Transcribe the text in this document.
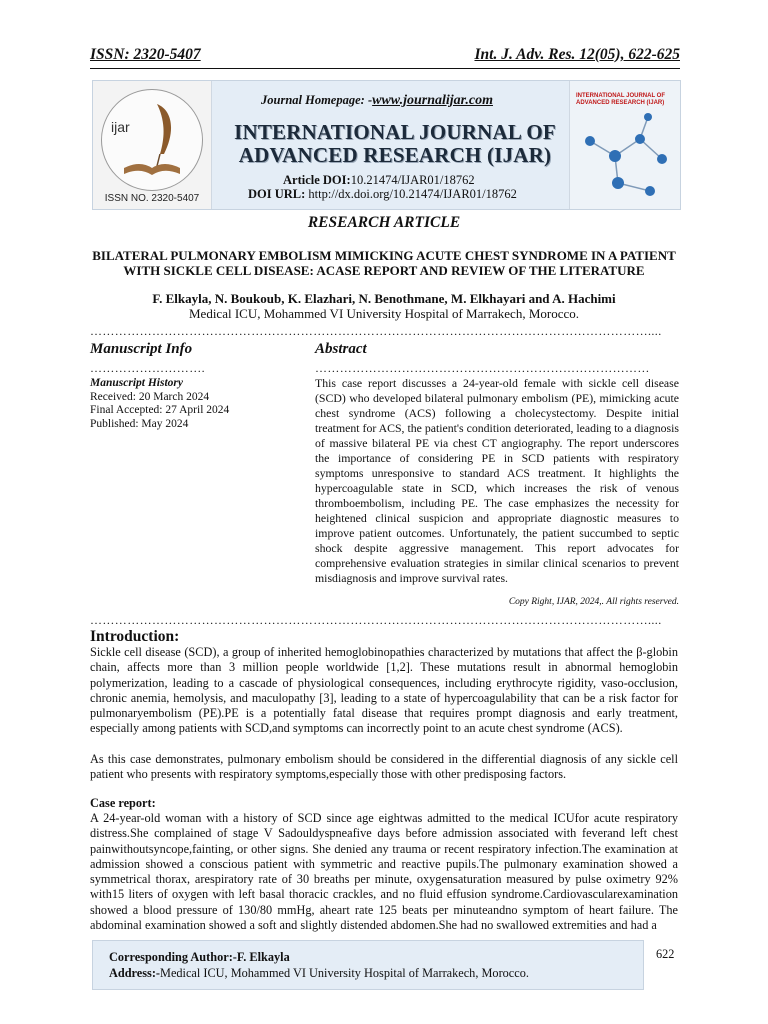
ISSN: 2320-5407	Int. J. Adv. Res. 12(05), 622-625
ijar
ISSN NO. 2320-5407
Journal Homepage: -www.journalijar.com
INTERNATIONAL JOURNAL OF
ADVANCED RESEARCH (IJAR)
Article DOI:10.21474/IJAR01/18762
DOI URL: http://dx.doi.org/10.21474/IJAR01/18762
INTERNATIONAL JOURNAL OF ADVANCED RESEARCH (IJAR)
RESEARCH ARTICLE
BILATERAL PULMONARY EMBOLISM MIMICKING ACUTE CHEST SYNDROME IN A PATIENT
WITH SICKLE CELL DISEASE: ACASE REPORT AND REVIEW OF THE LITERATURE
F. Elkayla, N. Boukoub, K. Elazhari, N. Benothmane, M. Elkhayari and A. Hachimi
Medical ICU, Mohammed VI University Hospital of Marrakech, Morocco.
………………………………………………………………………………………………………………………....
Manuscript Info
……………………….
Manuscript History
Received: 20 March 2024
Final Accepted: 27 April 2024
Published: May 2024
Abstract
………………………………………………………………………
This case report discusses a 24-year-old female with sickle cell disease (SCD) who developed bilateral pulmonary embolism (PE), mimicking acute chest syndrome (ACS) following a cholecystectomy. Despite initial treatment for ACS, the patient's condition deteriorated, leading to a diagnosis of massive bilateral PE via chest CT angiography. The report underscores the importance of considering PE in SCD patients with respiratory symptoms unresponsive to standard ACS treatment. It highlights the hypercoagulable state in SCD, which increases the risk of venous thromboembolism, including PE. The case emphasizes the necessity for heightened clinical suspicion and appropriate diagnostic measures to improve patient outcomes. Unfortunately, the patient succumbed to septic shock despite aggressive management. This report advocates for comprehensive evaluation strategies in similar clinical scenarios to prevent misdiagnosis and improve survival rates.
Copy Right, IJAR, 2024,. All rights reserved.
………………………………………………………………………………………………………………………....
Introduction:
Sickle cell disease (SCD), a group of inherited hemoglobinopathies characterized by mutations that affect the β-globin chain, affects more than 3 million people worldwide [1,2]. These mutations result in abnormal hemoglobin polymerization, leading to a cascade of physiological consequences, including erythrocyte rigidity, vaso-occlusion, chronic anemia, hemolysis, and maculopathy [3], leading to a state of hypercoagulability that can be a risk factor for pulmonaryembolism (PE).PE is a potentially fatal disease that requires prompt diagnosis and early treatment, especially among patients with SCD,and symptoms can incorrectly point to an acute chest syndrome (ACS).
As this case demonstrates, pulmonary embolism should be considered in the differential diagnosis of any sickle cell patient who presents with respiratory symptoms,especially those with other predisposing factors.
Case report:
A 24-year-old woman with a history of SCD since age eightwas admitted to the medical ICUfor acute respiratory distress.She complained of stage V Sadouldyspneafive days before admission associated with feverand left chest painwithoutsyncope,fainting, or other signs. She denied any trauma or recent respiratory infection.The examination at admission showed a conscious patient with symmetric and reactive pupils.The pulmonary examination showed a symmetrical thorax, arespiratory rate of 30 breaths per minute, oxygensaturation measured by pulse oximetry 92% with15 liters of oxygen with left basal thoracic crackles, and no fluid effusion syndrome.Cardiovascularexamination showed a blood pressure of 130/80 mmHg, aheart rate 125 beats per minuteandno symptom of heart failure. The abdominal examination showed a soft and slightly distended abdomen.She had no swallowed extremities and had a
Corresponding Author:-F. Elkayla
Address:-Medical ICU, Mohammed VI University Hospital of Marrakech, Morocco.
622
